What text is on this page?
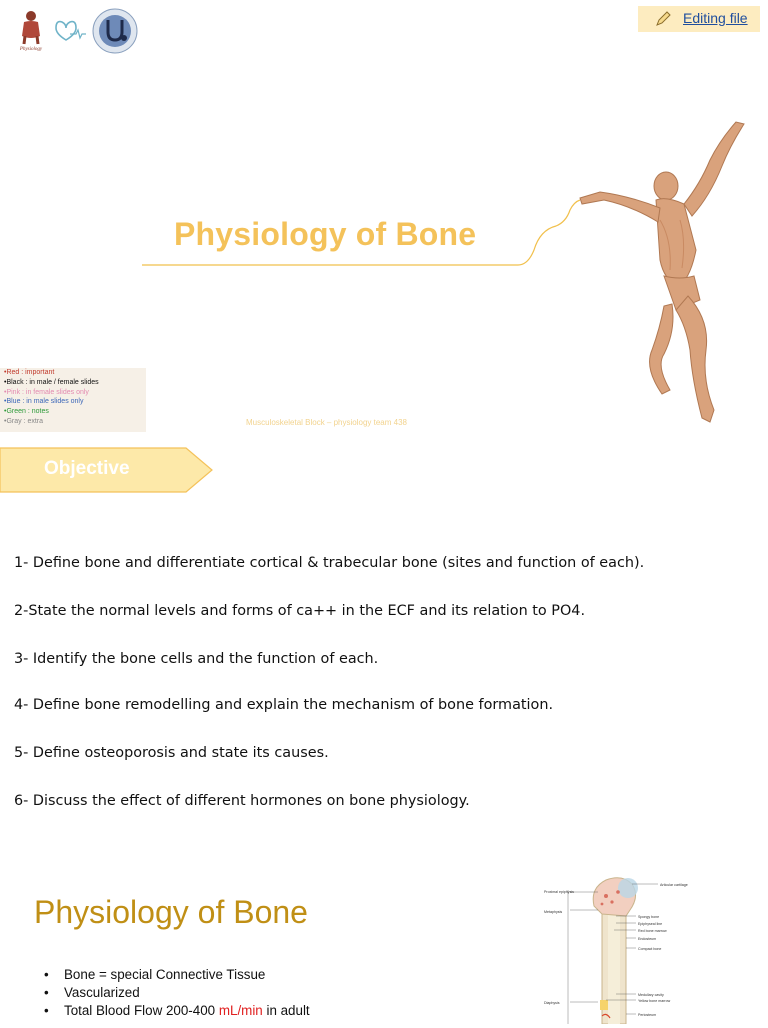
Physiology
Editing file
Physiology of Bone
•Red : important
•Black : in male / female slides
•Pink : in female slides only
•Blue : in male slides only
•Green : notes
•Gray : extra	Musculoskeletal Block – physiology team 438
Objective
1- Define bone and differentiate cortical & trabecular bone (sites and function of each).
2-State the normal levels and forms of ca++ in the ECF and its relation to PO4.
3- Identify the bone cells and the function of each.
4- Define bone remodelling and explain the mechanism of bone formation.
5- Define osteoporosis and state its causes.
6- Discuss the effect of different hormones on bone physiology.
Physiology of Bone
• Bone = special Connective Tissue
• Vascularized
• Total Blood Flow 200-400 mL/min in adult
Proximal epiphysis
Metaphysis
Diaphysis
Articular cartilage
Spongy bone
Epiphyseal line
Red bone marrow
Endosteum
Compact bone
Medullary cavity
Yellow bone marrow
Periosteum
